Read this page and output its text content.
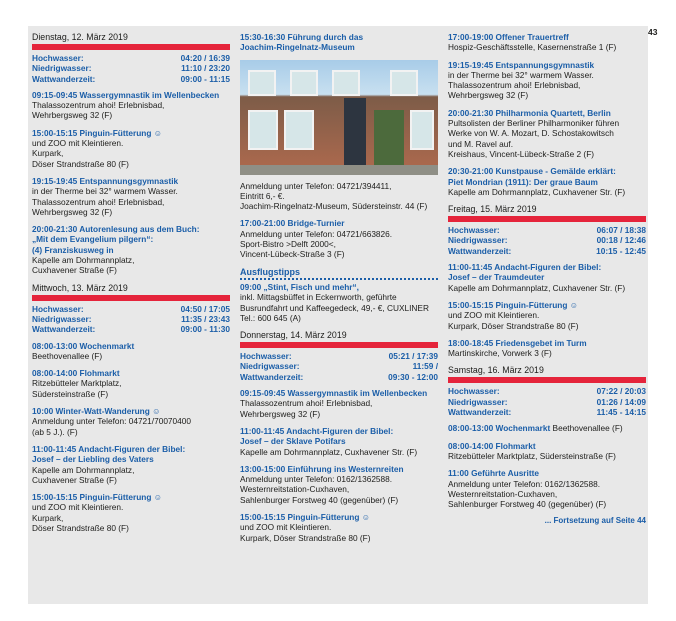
43
Dienstag, 12. März 2019
Hochwasser:	04:20 / 16:39
Niedrigwasser:	11:10 / 23:20
Wattwanderzeit:	09:00 - 11:15
09:15-09:45 Wassergymnastik im Wellenbecken
Thalassozentrum ahoi! Erlebnisbad,
Wehrbergsweg 32 (F)
15:00-15:15 Pinguin-Fütterung ☺
und ZOO mit Kleintieren.
Kurpark,
Döser Strandstraße 80 (F)
19:15-19:45 Entspannungsgymnastik
in der Therme bei 32° warmem Wasser.
Thalassozentrum ahoi! Erlebnisbad,
Wehrbergsweg 32 (F)
20:00-21:30 Autorenlesung aus dem Buch:
„Mit dem Evangelium pilgern“:
(4) Franziskusweg in
Kapelle am Dohrmannplatz,
Cuxhavener Straße (F)
Mittwoch, 13. März 2019
Hochwasser:	04:50 / 17:05
Niedrigwasser:	11:35 / 23:43
Wattwanderzeit:	09:00 - 11:30
08:00-13:00 Wochenmarkt
Beethovenallee (F)
08:00-14:00 Flohmarkt
Ritzebütteler Marktplatz,
Südersteinstraße (F)
10:00 Winter-Watt-Wanderung ☺
Anmeldung unter Telefon: 04721/70070400
(ab 5 J.). (F)
11:00-11:45 Andacht-Figuren der Bibel:
Josef – der Liebling des Vaters
Kapelle am Dohrmannplatz,
Cuxhavener Straße (F)
15:00-15:15 Pinguin-Fütterung ☺
und ZOO mit Kleintieren.
Kurpark,
Döser Strandstraße 80 (F)
15:30-16:30 Führung durch das
Joachim-Ringelnatz-Museum
Anmeldung unter Telefon: 04721/394411,
Eintritt 6,- €.
Joachim-Ringelnatz-Museum, Südersteinstr. 44 (F)
17:00-21:00 Bridge-Turnier
Anmeldung unter Telefon: 04721/663826.
Sport-Bistro >Delft 2000<,
Vincent-Lübeck-Straße 3 (F)
Ausflugstipps
09:00 „Stint, Fisch und mehr“,
inkl. Mittagsbüffet in Eckernworth, geführte Busrundfahrt und Kaffeegedeck, 49,- €, CUXLINER Tel.: 600 645 (A)
Donnerstag, 14. März 2019
Hochwasser:	05:21 / 17:39
Niedrigwasser:	11:59 /
Wattwanderzeit:	09:30 - 12:00
09:15-09:45 Wassergymnastik im Wellenbecken
Thalassozentrum ahoi! Erlebnisbad,
Wehrbergsweg 32 (F)
11:00-11:45 Andacht-Figuren der Bibel:
Josef – der Sklave Potifars
Kapelle am Dohrmannplatz, Cuxhavener Str. (F)
13:00-15:00 Einführung ins Westernreiten
Anmeldung unter Telefon: 0162/1362588.
Westernreitstation-Cuxhaven,
Sahlenburger Forstweg 40 (gegenüber) (F)
15:00-15:15 Pinguin-Fütterung ☺
und ZOO mit Kleintieren.
Kurpark, Döser Strandstraße 80 (F)
17:00-19:00 Offener Trauertreff
Hospiz-Geschäftsstelle, Kasernenstraße 1 (F)
19:15-19:45 Entspannungsgymnastik
in der Therme bei 32° warmem Wasser.
Thalassozentrum ahoi! Erlebnisbad,
Wehrbergsweg 32 (F)
20:00-21:30 Philharmonia Quartett, Berlin
Pultsolisten der Berliner Philharmoniker führen
Werke von W. A. Mozart, D. Schostakowitsch
und M. Ravel auf.
Kreishaus, Vincent-Lübeck-Straße 2 (F)
20:30-21:00 Kunstpause - Gemälde erklärt:
Piet Mondrian (1911): Der graue Baum
Kapelle am Dohrmannplatz, Cuxhavener Str. (F)
Freitag, 15. März 2019
Hochwasser:	06:07 / 18:38
Niedrigwasser:	00:18 / 12:46
Wattwanderzeit:	10:15 - 12:45
11:00-11:45 Andacht-Figuren der Bibel:
Josef – der Traumdeuter
Kapelle am Dohrmannplatz, Cuxhavener Str. (F)
15:00-15:15 Pinguin-Fütterung ☺
und ZOO mit Kleintieren.
Kurpark, Döser Strandstraße 80 (F)
18:00-18:45 Friedensgebet im Turm
Martinskirche, Vorwerk 3 (F)
Samstag, 16. März 2019
Hochwasser:	07:22 / 20:03
Niedrigwasser:	01:26 / 14:09
Wattwanderzeit:	11:45 - 14:15
08:00-13:00 Wochenmarkt Beethovenallee (F)
08:00-14:00 Flohmarkt
Ritzebütteler Marktplatz, Südersteinstraße (F)
11:00 Geführte Ausritte
Anmeldung unter Telefon: 0162/1362588.
Westernreitstation-Cuxhaven,
Sahlenburger Forstweg 40 (gegenüber) (F)
... Fortsetzung auf Seite 44
